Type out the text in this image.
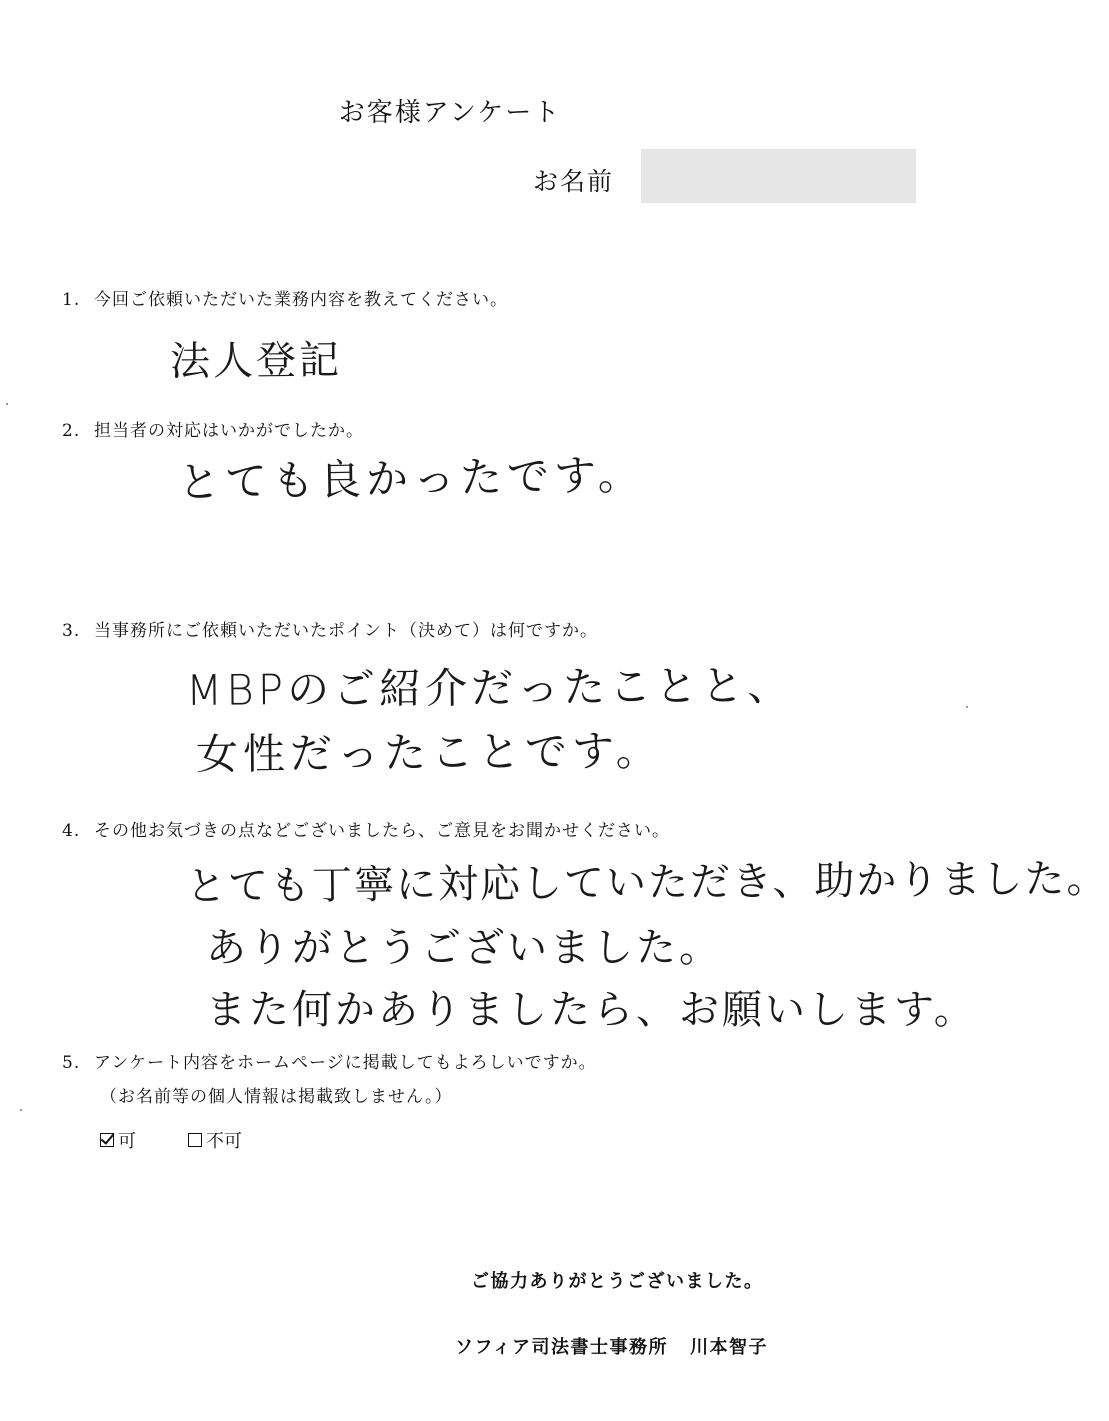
お客様アンケート
お名前
1. 今回ご依頼いただいた業務内容を教えてください。
法人登記
2. 担当者の対応はいかがでしたか。
とても良かったです。
3. 当事務所にご依頼いただいたポイント（決めて）は何ですか。
MBPのご紹介だったことと、
女性だったことです。
4. その他お気づきの点などございましたら、ご意見をお聞かせください。
とても丁寧に対応していただき、助かりました。
ありがとうございました。
また何かありましたら、お願いします。
5. アンケート内容をホームページに掲載してもよろしいですか。
（お名前等の個人情報は掲載致しません。）
可	不可
ご協力ありがとうございました。
ソフィア司法書士事務所 川本智子
